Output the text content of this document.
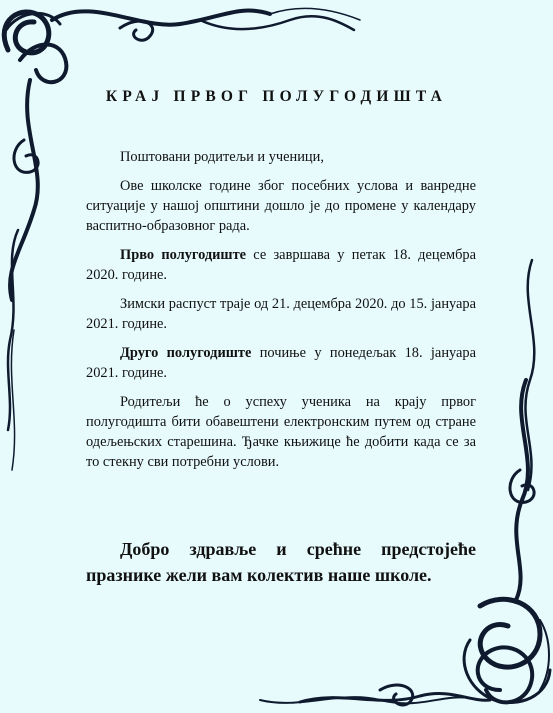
КРАЈ ПРВОГ ПОЛУГОДИШТА

Поштовани родитељи и ученици,

Ове школске године због посебних услова и ванредне ситуације у нашој општини дошло је до промене у календару васпитно-образовног рада.

Прво полугодиште се завршава у петак 18. децембра 2020. године.

Зимски распуст траје од 21. децембра 2020. до 15. јануара 2021. године.

Друго полугодиште почиње у понедељак 18. јануара 2021. године.

Родитељи ће о успеху ученика на крају првог полугодишта бити обавештени електронским путем од стране одељењских старешина. Ђачке књижице ће добити када се за то стекну сви потребни услови.

Добро здравље и срећне предстојеће празнике жели вам колектив наше школе.
